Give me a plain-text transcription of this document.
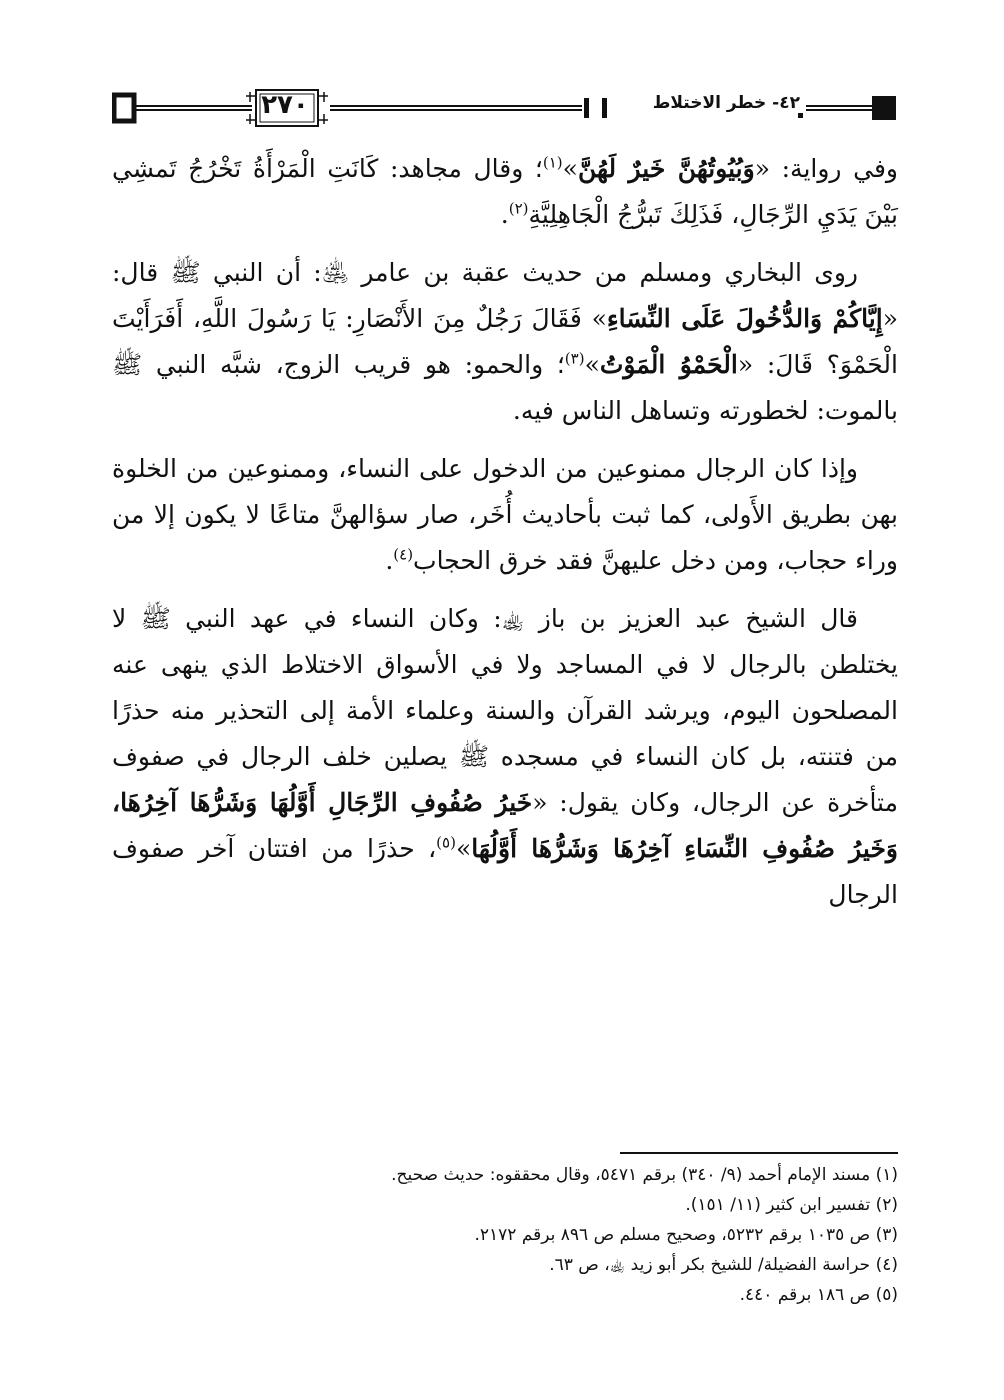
٢٧٠	٤٢- خطر الاختلاط

وفي رواية: «وَبُيُوتُهُنَّ خَيرٌ لَهُنَّ»$^{(١)}$؛ وقال مجاهد: كَانَتِ الْمَرْأَةُ تَخْرُجُ تَمشِي بَيْنَ يَدَيِ الرِّجَالِ، فَذَلِكَ تَبرُّجُ الْجَاهِلِيَّةِ$^{(٢)}$.

روى البخاري ومسلم من حديث عقبة بن عامر ﵁: أن النبي ﷺ قال: «إِيَّاكُمْ وَالدُّخُولَ عَلَى النِّسَاءِ» فَقَالَ رَجُلٌ مِنَ الأَنْصَارِ: يَا رَسُولَ اللَّهِ، أَفَرَأَيْتَ الْحَمْوَ؟ قَالَ: «الْحَمْوُ الْمَوْتُ»$^{(٣)}$؛ والحمو: هو قريب الزوج، شبَّه النبي ﷺ بالموت: لخطورته وتساهل الناس فيه.

وإذا كان الرجال ممنوعين من الدخول على النساء، وممنوعين من الخلوة بهن بطريق الأَولى، كما ثبت بأحاديث أُخَر، صار سؤالهنَّ متاعًا لا يكون إلا من وراء حجاب، ومن دخل عليهنَّ فقد خرق الحجاب$^{(٤)}$.

قال الشيخ عبد العزيز بن باز ﵀: وكان النساء في عهد النبي ﷺ لا يختلطن بالرجال لا في المساجد ولا في الأسواق الاختلاط الذي ينهى عنه المصلحون اليوم، ويرشد القرآن والسنة وعلماء الأمة إلى التحذير منه حذرًا من فتنته، بل كان النساء في مسجده ﷺ يصلين خلف الرجال في صفوف متأخرة عن الرجال، وكان يقول: «خَيرُ صُفُوفِ الرِّجَالِ أَوَّلُهَا وَشَرُّهَا آخِرُهَا، وَخَيرُ صُفُوفِ النِّسَاءِ آخِرُهَا وَشَرُّهَا أَوَّلُهَا»$^{(٥)}$، حذرًا من افتتان آخر صفوف الرجال

(١) مسند الإمام أحمد (٩/ ٣٤٠) برقم ٥٤٧١، وقال محققوه: حديث صحيح.
(٢) تفسير ابن كثير (١١/ ١٥١).
(٣) ص ١٠٣٥ برقم ٥٢٣٢، وصحيح مسلم ص ٨٩٦ برقم ٢١٧٢.
(٤) حراسة الفضيلة/ للشيخ بكر أبو زيد ﵀، ص ٦٣.
(٥) ص ١٨٦ برقم ٤٤٠.
